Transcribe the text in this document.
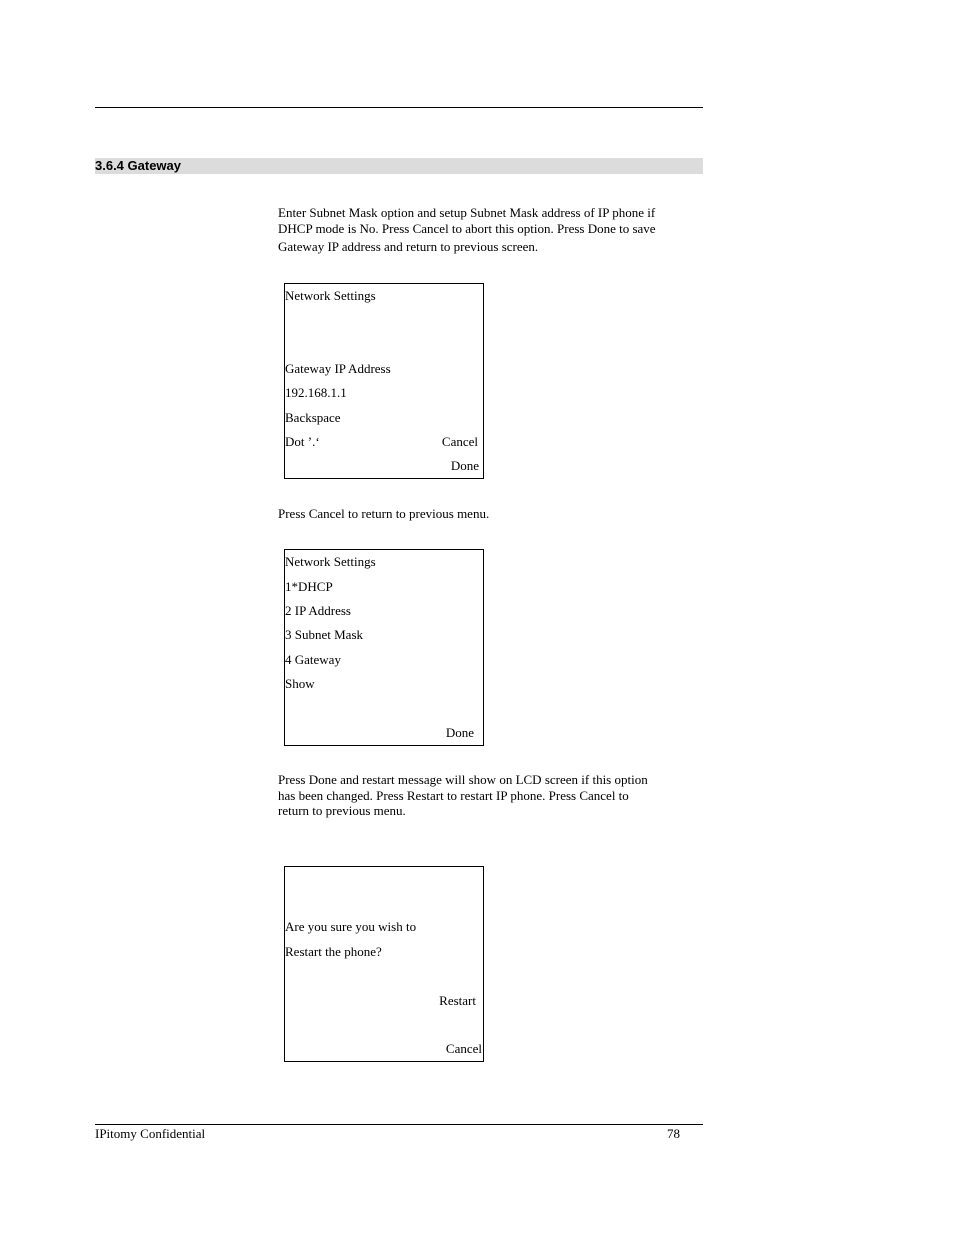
3.6.4 Gateway
Enter Subnet Mask option and setup Subnet Mask address of IP phone if
DHCP mode is No. Press Cancel to abort this option. Press Done to save
Gateway IP address and return to previous screen.
Network Settings
Gateway IP Address
192.168.1.1
Backspace
Dot ’.‘	Cancel
Done
Press Cancel to return to previous menu.
Network Settings
1*DHCP
2 IP Address
3 Subnet Mask
4 Gateway
Show
Done
Press Done and restart message will show on LCD screen if this option
has been changed. Press Restart to restart IP phone. Press Cancel to
return to previous menu.
Are you sure you wish to
Restart the phone?
Restart
Cancel
IPitomy Confidential	78
